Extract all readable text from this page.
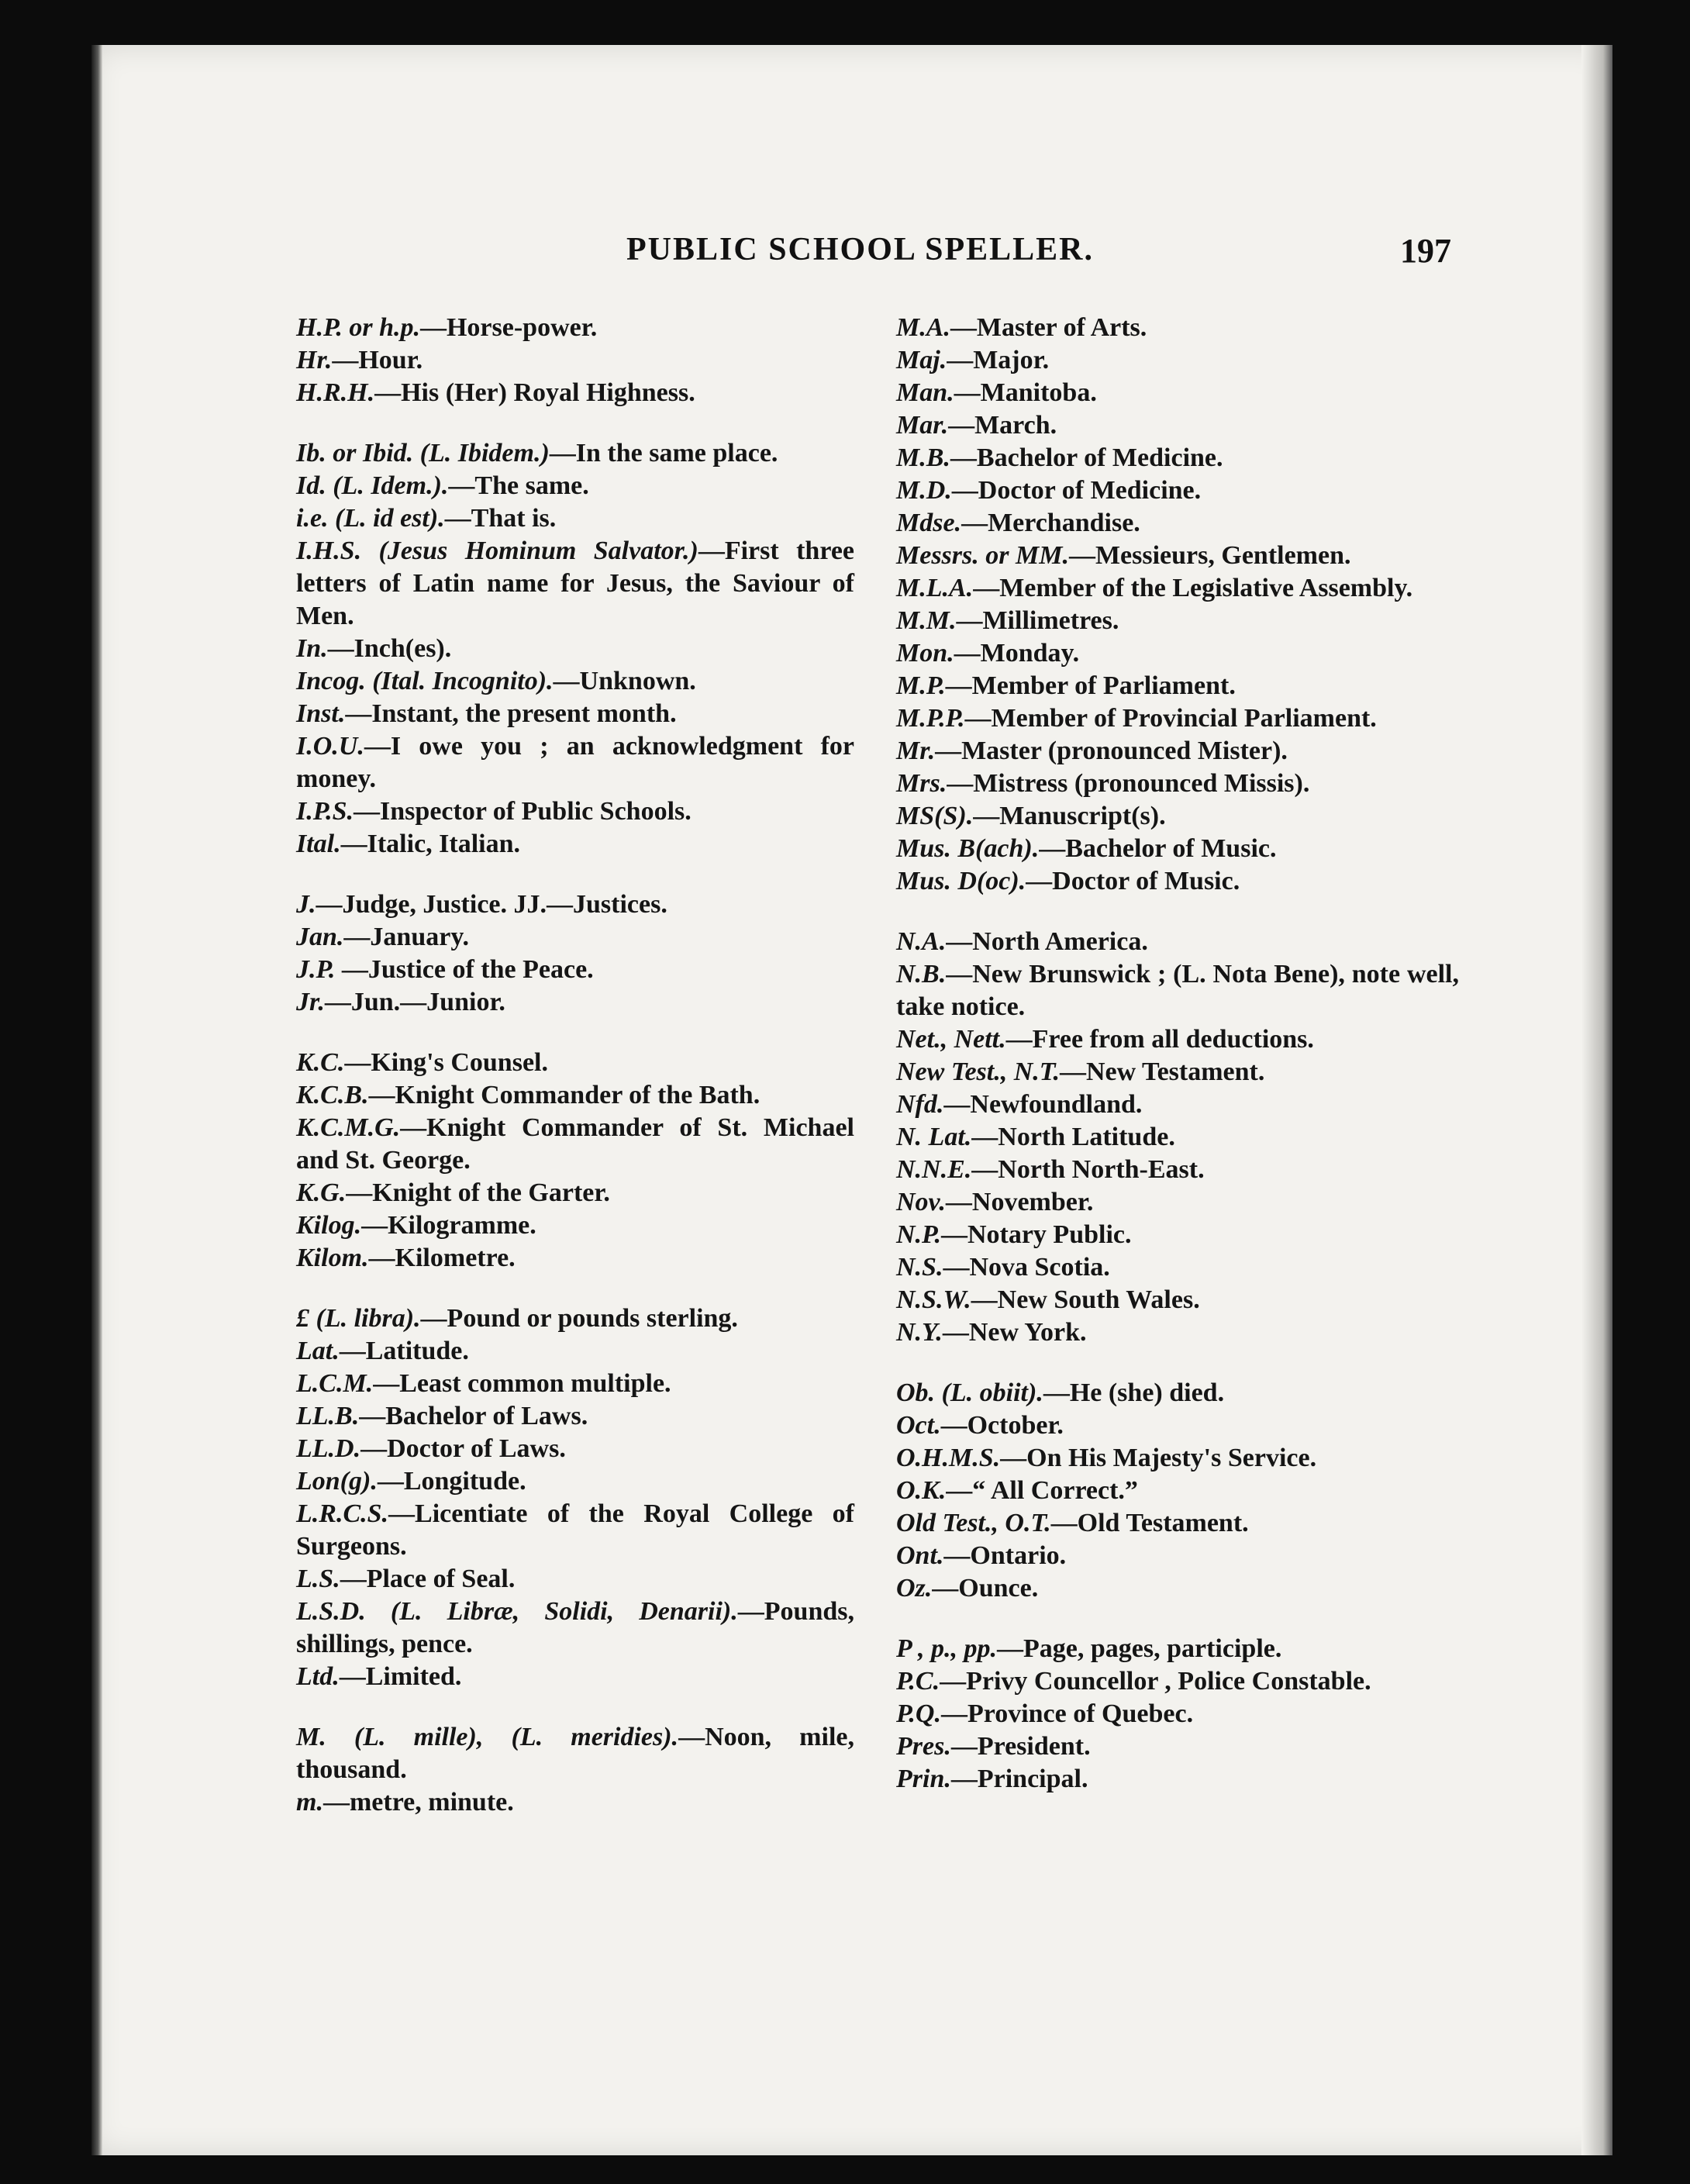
PUBLIC SCHOOL SPELLER.	197

H.P. or h.p.—Horse-power.

Hr.—Hour.

H.R.H.—His (Her) Royal Highness.

Ib. or Ibid. (L. Ibidem.)—In the same place.

Id. (L. Idem.).—The same.

i.e. (L. id est).—That is.

I.H.S. (Jesus Hominum Salvator.)—First three letters of Latin name for Jesus, the Saviour of Men.

In.—Inch(es).

Incog. (Ital. Incognito).—Unknown.

Inst.—Instant, the present month.

I.O.U.—I owe you ; an acknowledgment for money.

I.P.S.—Inspector of Public Schools.

Ital.—Italic, Italian.

J.—Judge, Justice. JJ.—Justices.

Jan.—January.

J.P. —Justice of the Peace.

Jr.—Jun.—Junior.

K.C.—King's Counsel.

K.C.B.—Knight Commander of the Bath.

K.C.M.G.—Knight Commander of St. Michael and St. George.

K.G.—Knight of the Garter.

Kilog.—Kilogramme.

Kilom.—Kilometre.

£ (L. libra).—Pound or pounds sterling.

Lat.—Latitude.

L.C.M.—Least common multiple.

LL.B.—Bachelor of Laws.

LL.D.—Doctor of Laws.

Lon(g).—Longitude.

L.R.C.S.—Licentiate of the Royal College of Surgeons.

L.S.—Place of Seal.

L.S.D. (L. Libræ, Solidi, Denarii).—Pounds, shillings, pence.

Ltd.—Limited.

M. (L. mille), (L. meridies).—Noon, mile, thousand.

m.—metre, minute.

M.A.—Master of Arts.

Maj.—Major.

Man.—Manitoba.

Mar.—March.

M.B.—Bachelor of Medicine.

M.D.—Doctor of Medicine.

Mdse.—Merchandise.

Messrs. or MM.—Messieurs, Gentlemen.

M.L.A.—Member of the Legislative Assembly.

M.M.—Millimetres.

Mon.—Monday.

M.P.—Member of Parliament.

M.P.P.—Member of Provincial Parliament.

Mr.—Master (pronounced Mister).

Mrs.—Mistress (pronounced Missis).

MS(S).—Manuscript(s).

Mus. B(ach).—Bachelor of Music.

Mus. D(oc).—Doctor of Music.

N.A.—North America.

N.B.—New Brunswick ; (L. Nota Bene), note well, take notice.

Net., Nett.—Free from all deductions.

New Test., N.T.—New Testament.

Nfd.—Newfoundland.

N. Lat.—North Latitude.

N.N.E.—North North-East.

Nov.—November.

N.P.—Notary Public.

N.S.—Nova Scotia.

N.S.W.—New South Wales.

N.Y.—New York.

Ob. (L. obiit).—He (she) died.

Oct.—October.

O.H.M.S.—On His Majesty's Service.

O.K.—“ All Correct.”

Old Test., O.T.—Old Testament.

Ont.—Ontario.

Oz.—Ounce.

P , p., pp.—Page, pages, participle.

P.C.—Privy Councellor , Police Constable.

P.Q.—Province of Quebec.

Pres.—President.

Prin.—Principal.
